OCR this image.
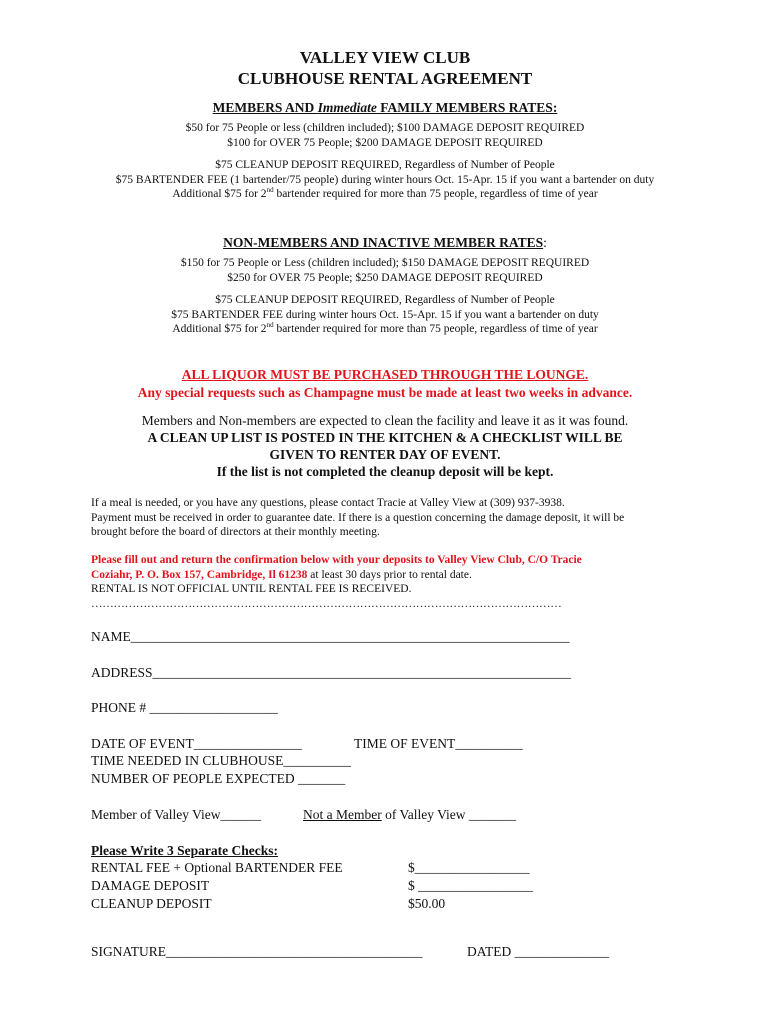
VALLEY VIEW CLUB
CLUBHOUSE RENTAL AGREEMENT

MEMBERS AND Immediate FAMILY MEMBERS RATES:

$50 for 75 People or less (children included); $100 DAMAGE DEPOSIT REQUIRED

$100 for OVER 75 People; $200 DAMAGE DEPOSIT REQUIRED

$75 CLEANUP DEPOSIT REQUIRED, Regardless of Number of People

$75 BARTENDER FEE (1 bartender/75 people) during winter hours Oct. 15-Apr. 15 if you want a bartender on duty

Additional $75 for 2nd bartender required for more than 75 people, regardless of time of year

NON-MEMBERS AND INACTIVE MEMBER RATES

:

$150 for 75 People or Less (children included); $150 DAMAGE DEPOSIT REQUIRED

$250 for OVER 75 People; $250 DAMAGE DEPOSIT REQUIRED

$75 CLEANUP DEPOSIT REQUIRED, Regardless of Number of People

$75 BARTENDER FEE during winter hours Oct. 15-Apr. 15 if you want a bartender on duty

Additional $75 for 2nd bartender required for more than 75 people, regardless of time of year

ALL LIQUOR MUST BE PURCHASED THROUGH THE LOUNGE.

Any special requests such as Champagne must be made at least two weeks in advance.

Members and Non-members are expected to clean the facility and leave it as it was found.

A CLEAN UP LIST IS POSTED IN THE KITCHEN & A CHECKLIST WILL BE

GIVEN TO RENTER DAY OF EVENT.

If the list is not completed the cleanup deposit will be kept.

If a meal is needed, or you have any questions, please contact Tracie at Valley View at (309) 937-3938.

Payment must be received in order to guarantee date. If there is a question concerning the damage deposit, it will be

brought before the board of directors at their monthly meeting.

Please fill out and return the confirmation below with your deposits to Valley View Club, C/O Tracie

Coziahr, P. O. Box 157, Cambridge, Il 61238 at least 30 days prior to rental date.

RENTAL IS NOT OFFICIAL UNTIL RENTAL FEE IS RECEIVED.

………………………………………………………………………………………………………………

NAME_________________________________________________________________
ADDRESS______________________________________________________________
PHONE # ___________________
DATE OF EVENT________________	TIME OF EVENT__________
TIME NEEDED IN CLUBHOUSE__________
NUMBER OF PEOPLE EXPECTED _______
Member of Valley View______	Not a Member of Valley View _______
Please Write 3 Separate Checks:
RENTAL FEE + Optional BARTENDER FEE	$_________________
DAMAGE DEPOSIT	$ _________________
CLEANUP DEPOSIT	$50.00
SIGNATURE______________________________________	DATED ______________
